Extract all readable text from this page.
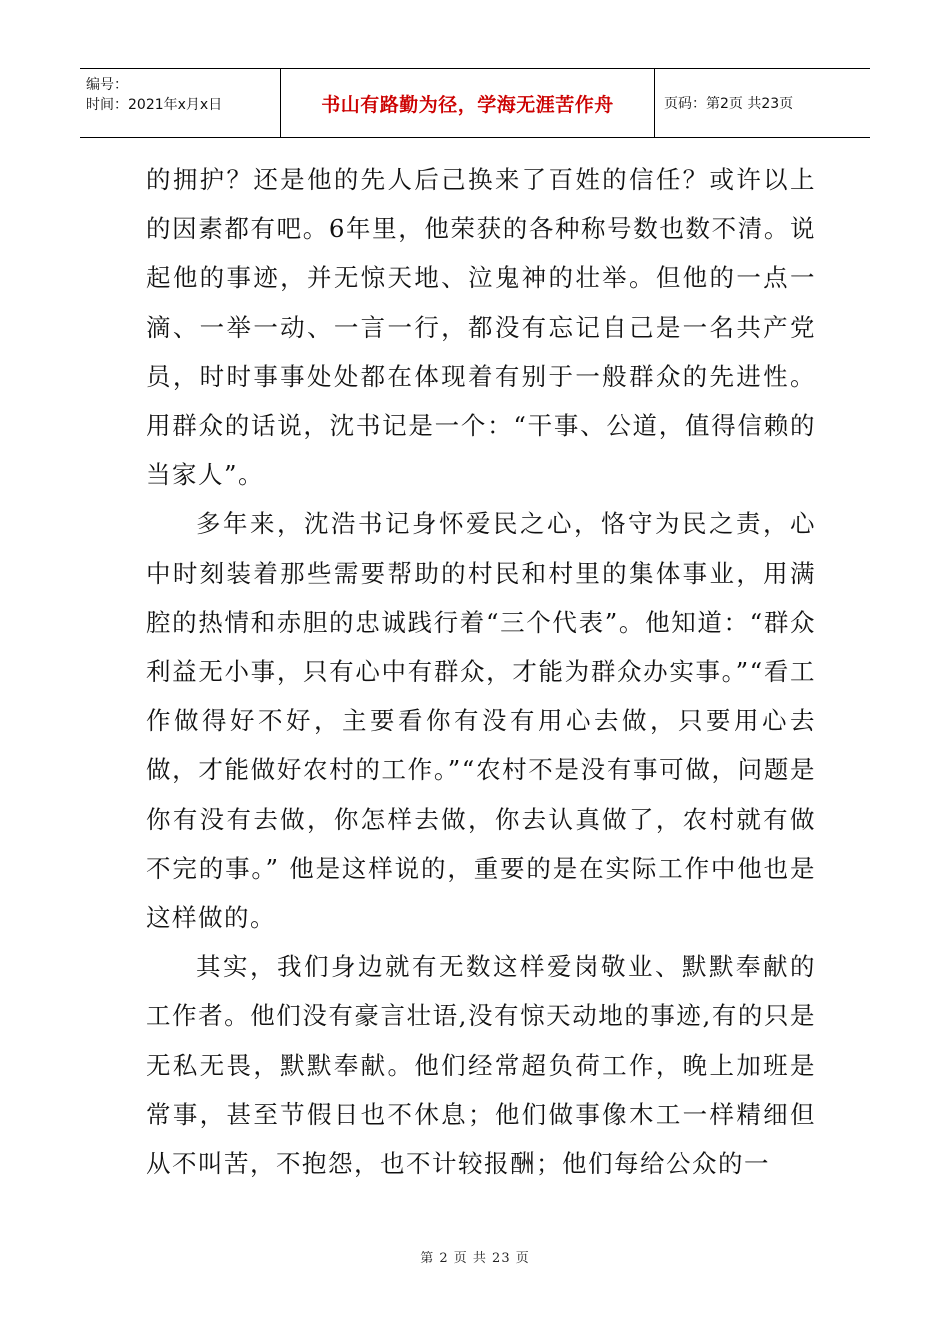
编号：
时间：2021年x月x日	书山有路勤为径，学海无涯苦作舟	页码：第2页 共23页

的拥护？还是他的先人后己换来了百姓的信任？或许以上的因素都有吧。6年里，他荣获的各种称号数也数不清。说起他的事迹，并无惊天地、泣鬼神的壮举。但他的一点一滴、一举一动、一言一行，都没有忘记自己是一名共产党员，时时事事处处都在体现着有别于一般群众的先进性。用群众的话说，沈书记是一个：“干事、公道，值得信赖的当家人”。

多年来，沈浩书记身怀爱民之心，恪守为民之责，心中时刻装着那些需要帮助的村民和村里的集体事业，用满腔的热情和赤胆的忠诚践行着“三个代表”。他知道：“群众利益无小事，只有心中有群众，才能为群众办实事。”“看工作做得好不好，主要看你有没有用心去做，只要用心去做，才能做好农村的工作。”“农村不是没有事可做，问题是你有没有去做，你怎样去做，你去认真做了，农村就有做不完的事。” 他是这样说的，重要的是在实际工作中他也是这样做的。

其实，我们身边就有无数这样爱岗敬业、默默奉献的工作者。他们没有豪言壮语,没有惊天动地的事迹,有的只是无私无畏，默默奉献。他们经常超负荷工作，晚上加班是常事，甚至节假日也不休息；他们做事像木工一样精细但从不叫苦，不抱怨，也不计较报酬；他们每给公众的一

第 2 页 共 23 页
